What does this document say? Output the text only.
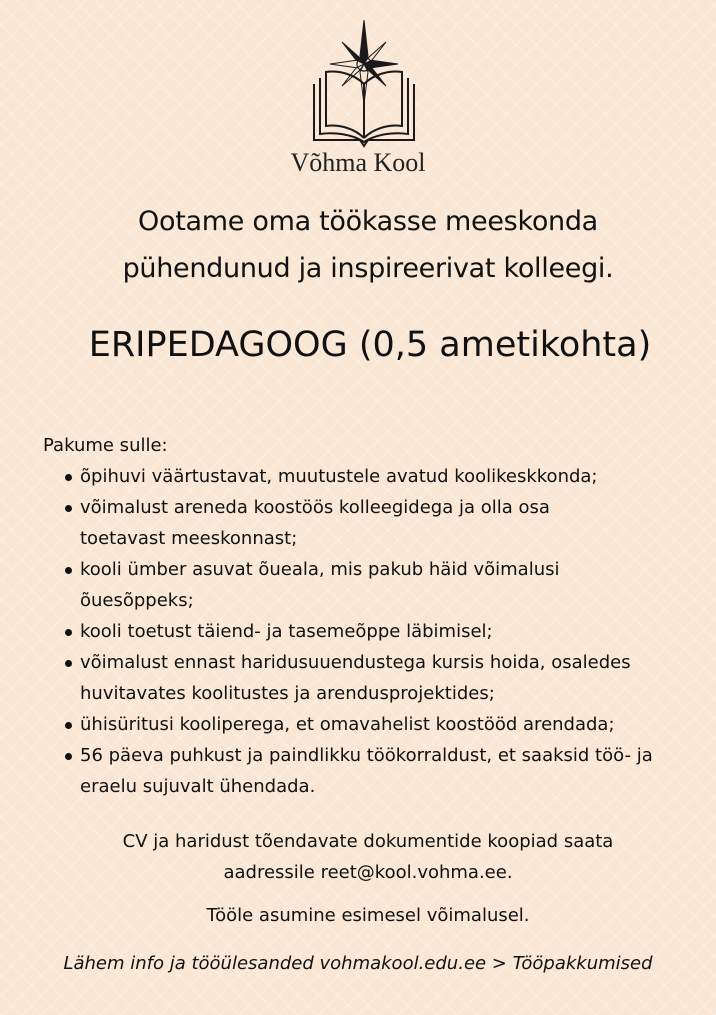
Võhma Kool
Ootame oma töökasse meeskonda
pühendunud ja inspireerivat kolleegi.
ERIPEDAGOOG (0,5 ametikohta)
Pakume sulle:
õpihuvi väärtustavat, muutustele avatud koolikeskkonda;
võimalust areneda koostöös kolleegidega ja olla osa toetavast meeskonnast;
kooli ümber asuvat õueala, mis pakub häid võimalusi õuesõppeks;
kooli toetust täiend- ja tasemeõppe läbimisel;
võimalust ennast haridusuuendustega kursis hoida, osaledes huvitavates koolitustes ja arendusprojektides;
ühisüritusi kooliperega, et omavahelist koostööd arendada;
56 päeva puhkust ja paindlikku töökorraldust, et saaksid töö- ja eraelu sujuvalt ühendada.
CV ja haridust tõendavate dokumentide koopiad saata
aadressile reet@kool.vohma.ee.
Tööle asumine esimesel võimalusel.
Lähem info ja tööülesanded vohmakool.edu.ee > Tööpakkumised
